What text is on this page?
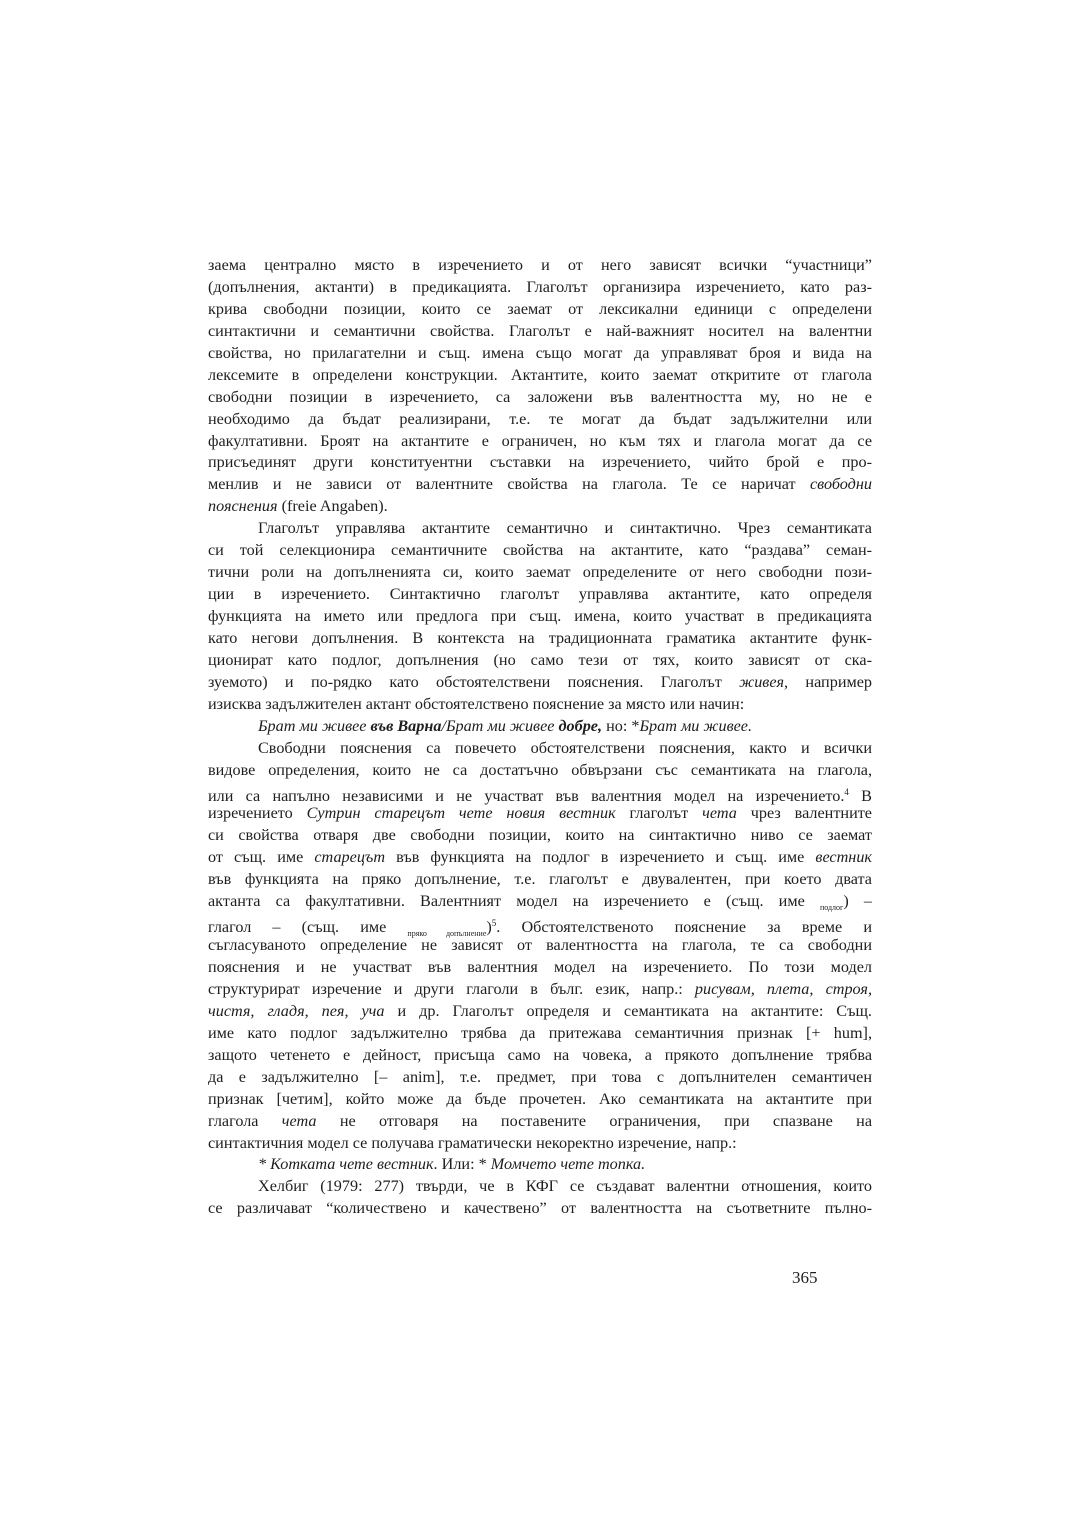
заема централно място в изречението и от него зависят всички “участници”
(допълнения, актанти) в предикацията. Глаголът организира изречението, като раз-
крива свободни позиции, които се заемат от лексикални единици с определени
синтактични и семантични свойства. Глаголът е най-важният носител на валентни
свойства, но прилагателни и същ. имена също могат да управляват броя и вида на
лексемите в определени конструкции. Актантите, които заемат откритите от глагола
свободни позиции в изречението, са заложени във валентността му, но не е
необходимо да бъдат реализирани, т.е. те могат да бъдат задължителни или
факултативни. Броят на актантите е ограничен, но към тях и глагола могат да се
присъединят други конституентни съставки на изречението, чийто брой е про-
менлив и не зависи от валентните свойства на глагола. Те се наричат свободни
пояснения (freie Angaben).
Глаголът управлява актантите семантично и синтактично. Чрез семантиката
си той селекционира семантичните свойства на актантите, като “раздава” семан-
тични роли на допълненията си, които заемат определените от него свободни пози-
ции в изречението. Синтактично глаголът управлява актантите, като определя
функцията на името или предлога при същ. имена, които участват в предикацията
като негови допълнения. В контекста на традиционната граматика актантите функ-
ционират като подлог, допълнения (но само тези от тях, които зависят от ска-
зуемото) и по-рядко като обстоятелствени пояснения. Глаголът живея, например
изисква задължителен актант обстоятелствено пояснение за място или начин:
Брат ми живее във Варна/Брат ми живее добре, но: *Брат ми живее.
Свободни пояснения са повечето обстоятелствени пояснения, както и всички
видове определения, които не са достатъчно обвързани със семантиката на глагола,
или са напълно независими и не участват във валентния модел на изречението.$^4$ В
изречението Сутрин старецът чете новия вестник глаголът чета чрез валентните
си свойства отваря две свободни позиции, които на синтактично ниво се заемат
от същ. име старецът във функцията на подлог в изречението и същ. име вестник
във функцията на пряко допълнение, т.е. глаголът е двувалентен, при което двата
актанта са факултативни. Валентният модел на изречението е (същ. име $_{подлог}$) –
глагол – (същ. име $_{пряко допълнение}$)$^5$. Обстоятелственото пояснение за време и
съгласуваното определение не зависят от валентността на глагола, те са свободни
пояснения и не участват във валентния модел на изречението. По този модел
структурират изречение и други глаголи в бълг. език, напр.: рисувам, плета, строя,
чистя, гладя, пея, уча и др. Глаголът определя и семантиката на актантите: Същ.
име като подлог задължително трябва да притежава семантичния признак [+ hum],
защото четенето е дейност, присъща само на човека, а прякото допълнение трябва
да е задължително [– anim], т.е. предмет, при това с допълнителен семантичен
признак [четим], който може да бъде прочетен. Ако семантиката на актантите при
глагола чета не отговаря на поставените ограничения, при спазване на
синтактичния модел се получава граматически некоректно изречение, напр.:
* Котката чете вестник. Или: * Момчето чете топка.
Хелбиг (1979: 277) твърди, че в КФГ се създават валентни отношения, които
се различават “количествено и качествено” от валентността на съответните пълно-
365
